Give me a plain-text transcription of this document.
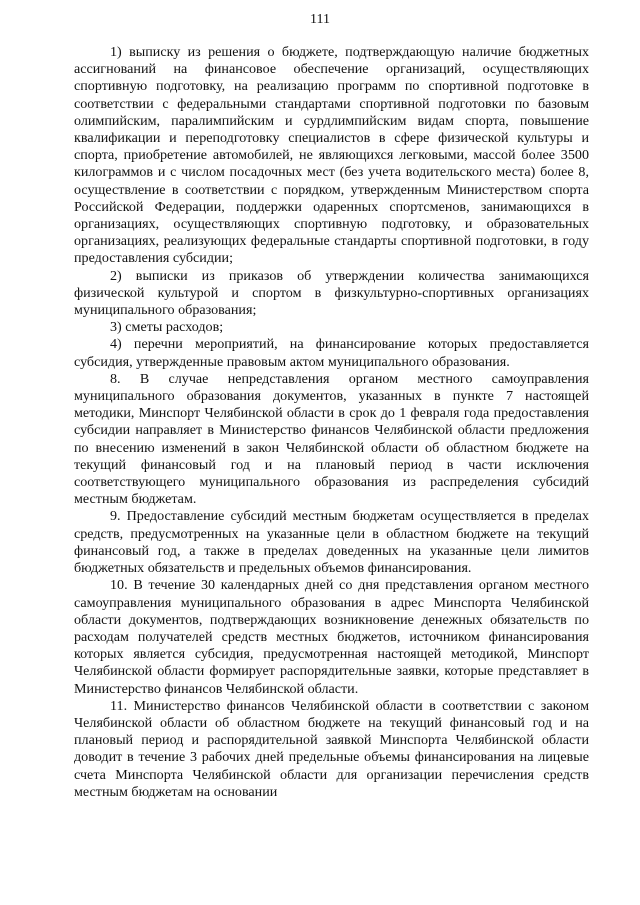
111

1) выписку из решения о бюджете, подтверждающую наличие бюджетных ассигнований на финансовое обеспечение организаций, осуществляющих спортивную подготовку, на реализацию программ по спортивной подготовке в соответствии с федеральными стандартами спортивной подготовки по базовым олимпийским, паралимпийским и сурдлимпийским видам спорта, повышение квалификации и переподготовку специалистов в сфере физической культуры и спорта, приобретение автомобилей, не являющихся легковыми, массой более 3500 килограммов и с числом посадочных мест (без учета водительского места) более 8, осуществление в соответствии с порядком, утвержденным Министерством спорта Российской Федерации, поддержки одаренных спортсменов, занимающихся в организациях, осуществляющих спортивную подготовку, и образовательных организациях, реализующих федеральные стандарты спортивной подготовки, в году предоставления субсидии;

2) выписки из приказов об утверждении количества занимающихся физической культурой и спортом в физкультурно-спортивных организациях муниципального образования;

3) сметы расходов;

4) перечни мероприятий, на финансирование которых предоставляется субсидия, утвержденные правовым актом муниципального образования.

8. В случае непредставления органом местного самоуправления муниципального образования документов, указанных в пункте 7 настоящей методики, Минспорт Челябинской области в срок до 1 февраля года предоставления субсидии направляет в Министерство финансов Челябинской области предложения по внесению изменений в закон Челябинской области об областном бюджете на текущий финансовый год и на плановый период в части исключения соответствующего муниципального образования из распределения субсидий местным бюджетам.

9. Предоставление субсидий местным бюджетам осуществляется в пределах средств, предусмотренных на указанные цели в областном бюджете на текущий финансовый год, а также в пределах доведенных на указанные цели лимитов бюджетных обязательств и предельных объемов финансирования.

10. В течение 30 календарных дней со дня представления органом местного самоуправления муниципального образования в адрес Минспорта Челябинской области документов, подтверждающих возникновение денежных обязательств по расходам получателей средств местных бюджетов, источником финансирования которых является субсидия, предусмотренная настоящей методикой, Минспорт Челябинской области формирует распорядительные заявки, которые представляет в Министерство финансов Челябинской области.

11. Министерство финансов Челябинской области в соответствии с законом Челябинской области об областном бюджете на текущий финансовый год и на плановый период и распорядительной заявкой Минспорта Челябинской области доводит в течение 3 рабочих дней предельные объемы финансирования на лицевые счета Минспорта Челябинской области для организации перечисления средств местным бюджетам на основании
